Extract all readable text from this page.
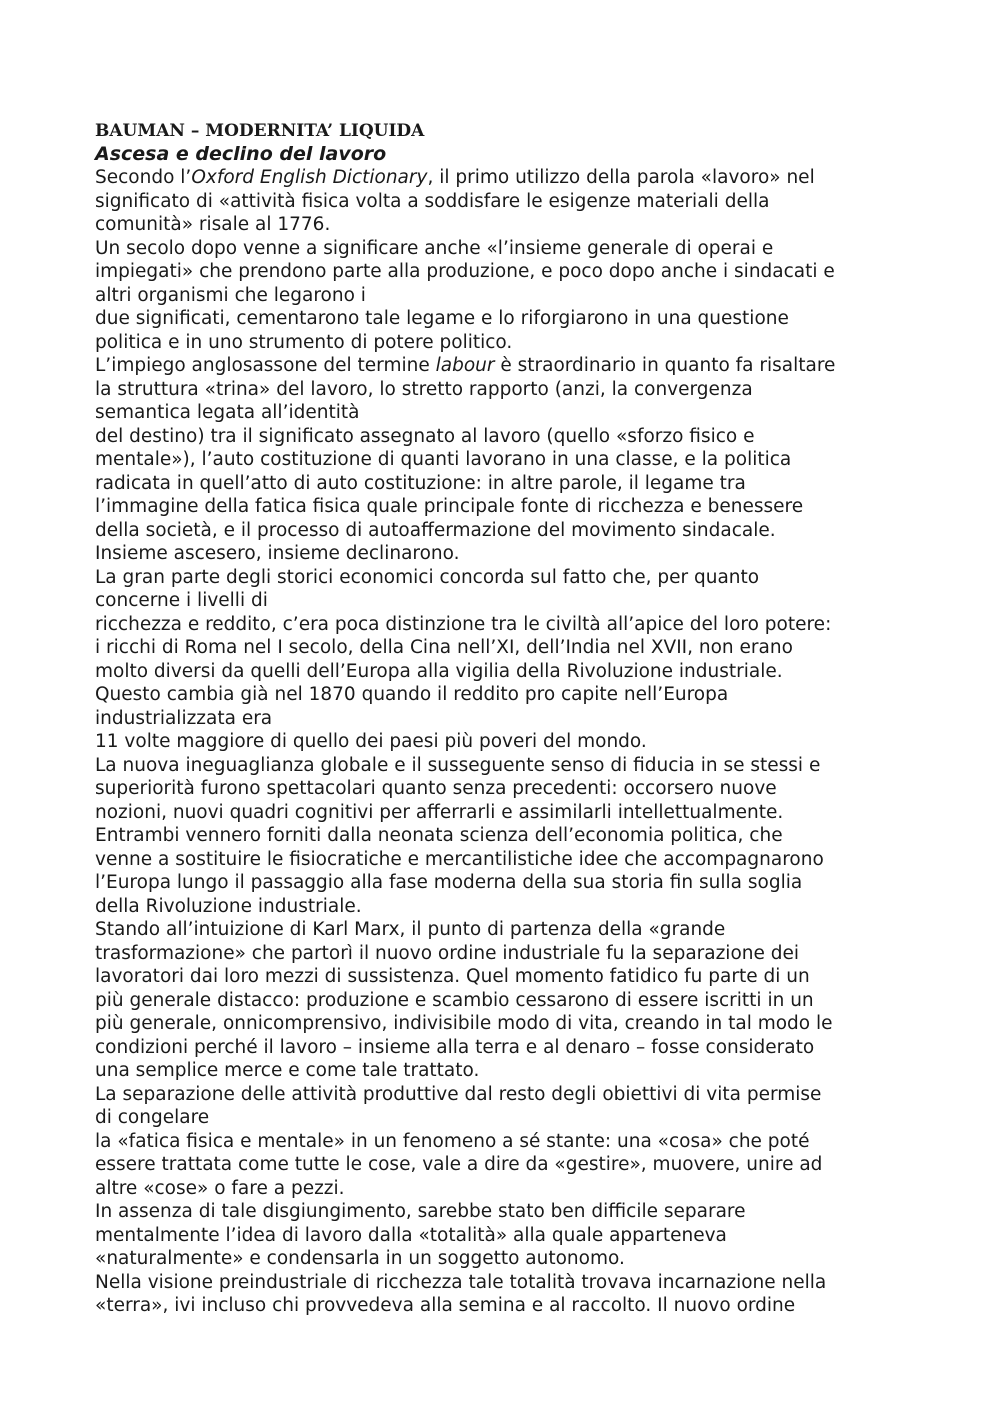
BAUMAN – MODERNITA’ LIQUIDA
Ascesa e declino del lavoro
Secondo l’Oxford English Dictionary, il primo utilizzo della parola «lavoro» nel
significato di «attività fisica volta a soddisfare le esigenze materiali della
comunità» risale al 1776.
Un secolo dopo venne a significare anche «l’insieme generale di operai e
impiegati» che prendono parte alla produzione, e poco dopo anche i sindacati e
altri organismi che legarono i
due significati, cementarono tale legame e lo riforgiarono in una questione
politica e in uno strumento di potere politico.
L’impiego anglosassone del termine labour è straordinario in quanto fa risaltare
la struttura «trina» del lavoro, lo stretto rapporto (anzi, la convergenza
semantica legata all’identità
del destino) tra il significato assegnato al lavoro (quello «sforzo fisico e
mentale»), l’auto costituzione di quanti lavorano in una classe, e la politica
radicata in quell’atto di auto costituzione: in altre parole, il legame tra
l’immagine della fatica fisica quale principale fonte di ricchezza e benessere
della società, e il processo di autoaffermazione del movimento sindacale.
Insieme ascesero, insieme declinarono.
La gran parte degli storici economici concorda sul fatto che, per quanto
concerne i livelli di
ricchezza e reddito, c’era poca distinzione tra le civiltà all’apice del loro potere:
i ricchi di Roma nel I secolo, della Cina nell’XI, dell’India nel XVII, non erano
molto diversi da quelli dell’Europa alla vigilia della Rivoluzione industriale.
Questo cambia già nel 1870 quando il reddito pro capite nell’Europa
industrializzata era
11 volte maggiore di quello dei paesi più poveri del mondo.
La nuova ineguaglianza globale e il susseguente senso di fiducia in se stessi e
superiorità furono spettacolari quanto senza precedenti: occorsero nuove
nozioni, nuovi quadri cognitivi per afferrarli e assimilarli intellettualmente.
Entrambi vennero forniti dalla neonata scienza dell’economia politica, che
venne a sostituire le fisiocratiche e mercantilistiche idee che accompagnarono
l’Europa lungo il passaggio alla fase moderna della sua storia fin sulla soglia
della Rivoluzione industriale.
Stando all’intuizione di Karl Marx, il punto di partenza della «grande
trasformazione» che partorì il nuovo ordine industriale fu la separazione dei
lavoratori dai loro mezzi di sussistenza. Quel momento fatidico fu parte di un
più generale distacco: produzione e scambio cessarono di essere iscritti in un
più generale, onnicomprensivo, indivisibile modo di vita, creando in tal modo le
condizioni perché il lavoro – insieme alla terra e al denaro – fosse considerato
una semplice merce e come tale trattato.
La separazione delle attività produttive dal resto degli obiettivi di vita permise
di congelare
la «fatica fisica e mentale» in un fenomeno a sé stante: una «cosa» che poté
essere trattata come tutte le cose, vale a dire da «gestire», muovere, unire ad
altre «cose» o fare a pezzi.
In assenza di tale disgiungimento, sarebbe stato ben difficile separare
mentalmente l’idea di lavoro dalla «totalità» alla quale apparteneva
«naturalmente» e condensarla in un soggetto autonomo.
Nella visione preindustriale di ricchezza tale totalità trovava incarnazione nella
«terra», ivi incluso chi provvedeva alla semina e al raccolto. Il nuovo ordine
